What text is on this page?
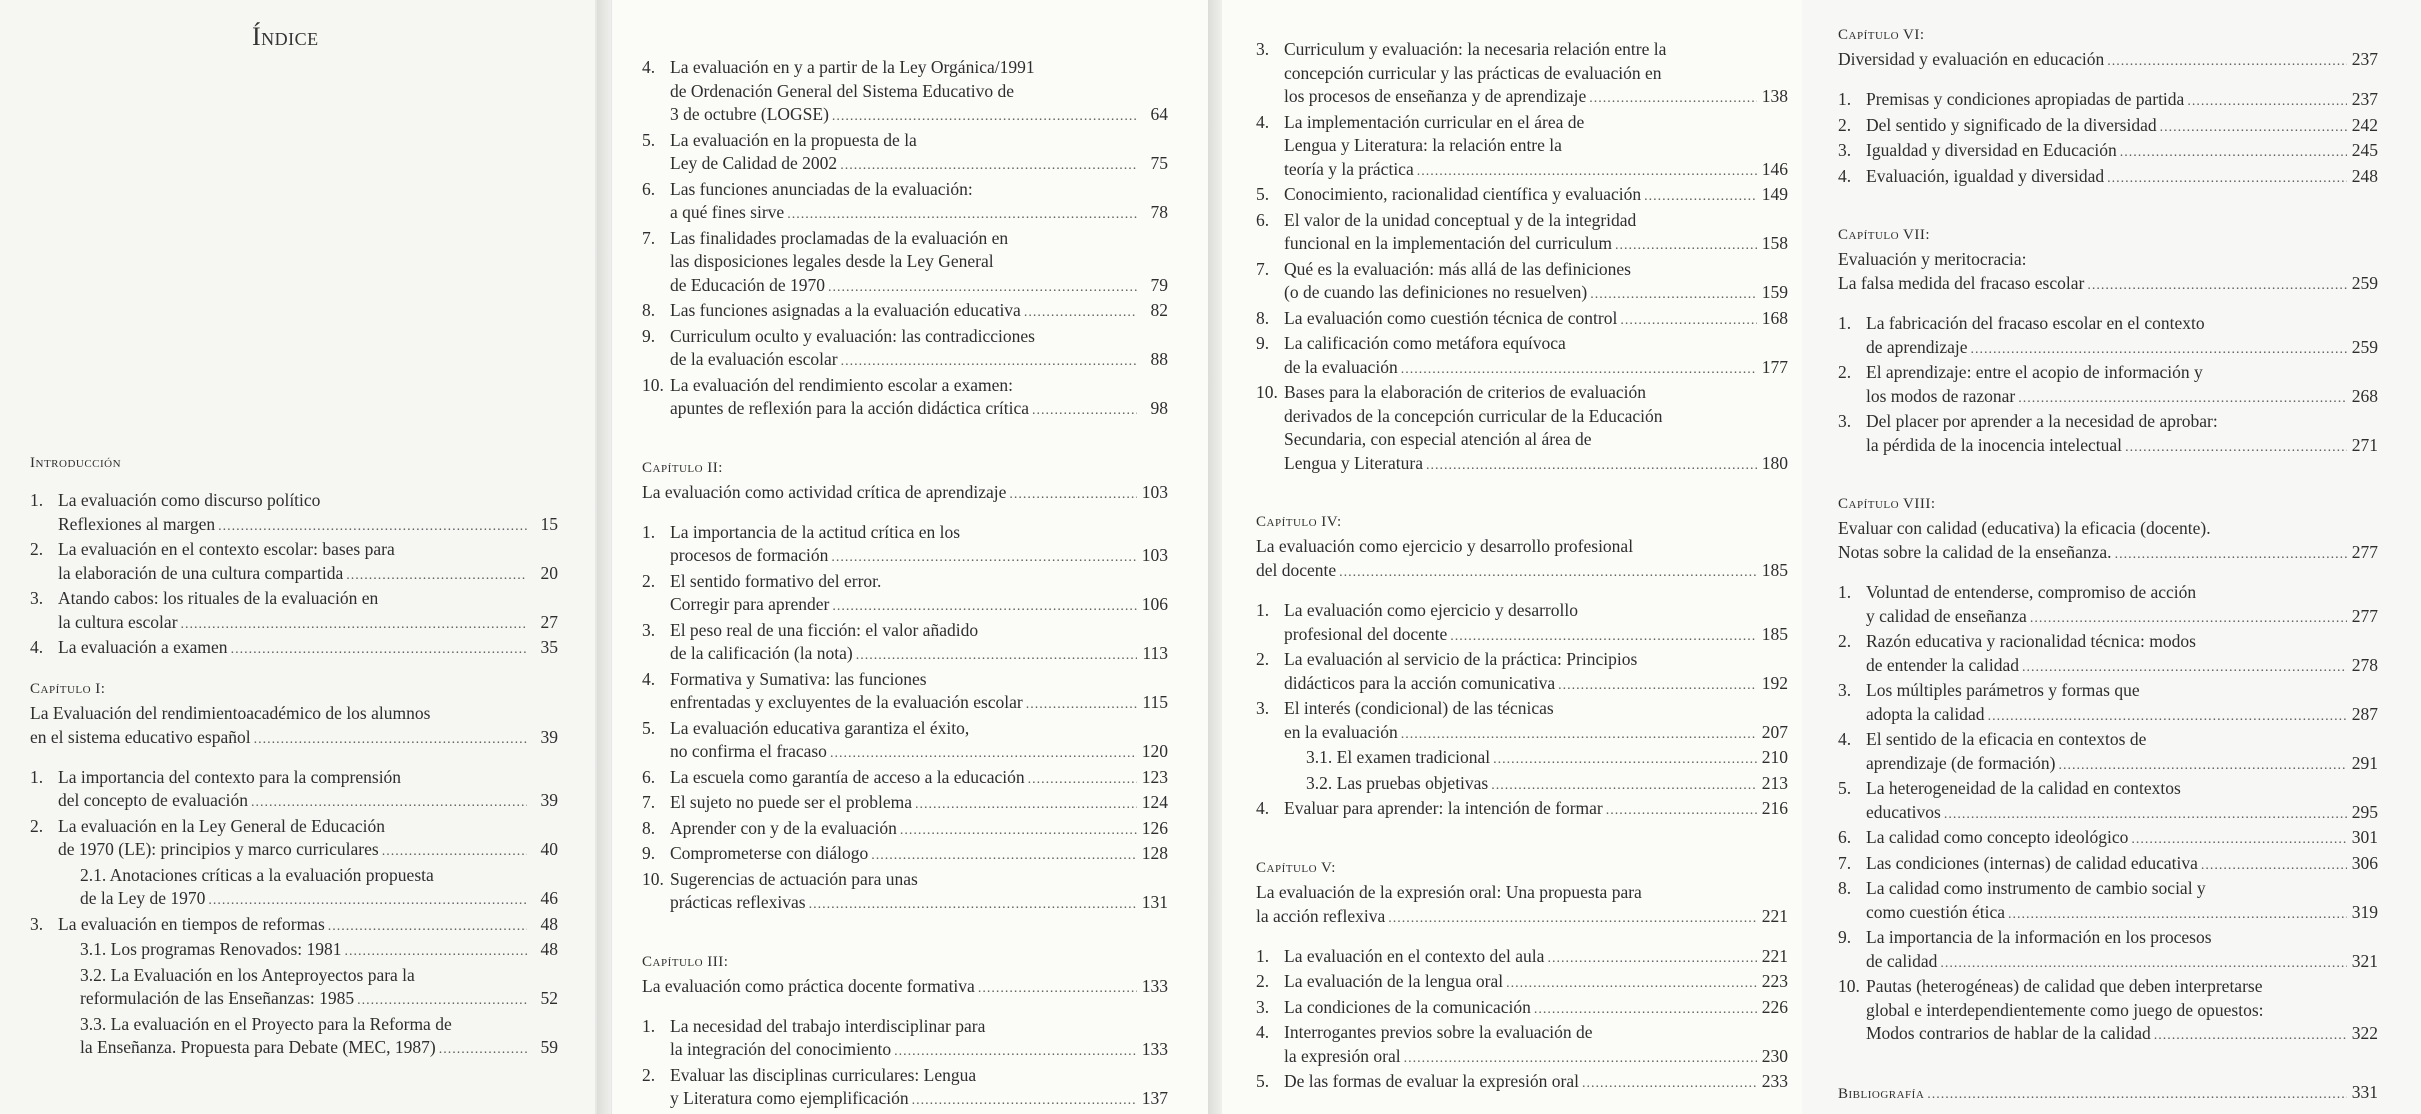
Índice
Introducción
1. La evaluación como discurso político
Reflexiones al margen .....	15
2. La evaluación en el contexto escolar: bases para
la elaboración de una cultura compartida .....	20
3. Atando cabos: los rituales de la evaluación en
la cultura escolar .....	27
4. La evaluación a examen .....	35
Capítulo I:
La Evaluación del rendimientoacadémico de los alumnos
en el sistema educativo español .....	39
1. La importancia del contexto para la comprensión
del concepto de evaluación .....	39
2. La evaluación en la Ley General de Educación
de 1970 (LE): principios y marco curriculares .....	40
2.1. Anotaciones críticas a la evaluación propuesta
de la Ley de 1970 .....	46
3. La evaluación en tiempos de reformas .....	48
3.1. Los programas Renovados: 1981 .....	48
3.2. La Evaluación en los Anteproyectos para la
reformulación de las Enseñanzas: 1985 .....	52
3.3. La evaluación en el Proyecto para la Reforma de
la Enseñanza. Propuesta para Debate (MEC, 1987) .....	59
4. La evaluación en y a partir de la Ley Orgánica/1991
de Ordenación General del Sistema Educativo de
3 de octubre (LOGSE) .....	64
5. La evaluación en la propuesta de la
Ley de Calidad de 2002 .....	75
6. Las funciones anunciadas de la evaluación:
a qué fines sirve .....	78
7. Las finalidades proclamadas de la evaluación en
las disposiciones legales desde la Ley General
de Educación de 1970 .....	79
8. Las funciones asignadas a la evaluación educativa .....	82
9. Curriculum oculto y evaluación: las contradicciones
de la evaluación escolar .....	88
10. La evaluación del rendimiento escolar a examen:
apuntes de reflexión para la acción didáctica crítica .....	98
Capítulo II:
La evaluación como actividad crítica de aprendizaje .....	103
1. La importancia de la actitud crítica en los
procesos de formación .....	103
2. El sentido formativo del error.
Corregir para aprender .....	106
3. El peso real de una ficción: el valor añadido
de la calificación (la nota) .....	113
4. Formativa y Sumativa: las funciones
enfrentadas y excluyentes de la evaluación escolar .....	115
5. La evaluación educativa garantiza el éxito,
no confirma el fracaso .....	120
6. La escuela como garantía de acceso a la educación .....	123
7. El sujeto no puede ser el problema .....	124
8. Aprender con y de la evaluación .....	126
9. Comprometerse con diálogo .....	128
10. Sugerencias de actuación para unas
prácticas reflexivas .....	131
Capítulo III:
La evaluación como práctica docente formativa .....	133
1. La necesidad del trabajo interdisciplinar para
la integración del conocimiento .....	133
2. Evaluar las disciplinas curriculares: Lengua
y Literatura como ejemplificación .....	137
3. Curriculum y evaluación: la necesaria relación entre la
concepción curricular y las prácticas de evaluación en
los procesos de enseñanza y de aprendizaje .....	138
4. La implementación curricular en el área de
Lengua y Literatura: la relación entre la
teoría y la práctica .....	146
5. Conocimiento, racionalidad científica y evaluación .....	149
6. El valor de la unidad conceptual y de la integridad
funcional en la implementación del curriculum .....	158
7. Qué es la evaluación: más allá de las definiciones
(o de cuando las definiciones no resuelven) .....	159
8. La evaluación como cuestión técnica de control .....	168
9. La calificación como metáfora equívoca
de la evaluación .....	177
10. Bases para la elaboración de criterios de evaluación
derivados de la concepción curricular de la Educación
Secundaria, con especial atención al área de
Lengua y Literatura .....	180
Capítulo IV:
La evaluación como ejercicio y desarrollo profesional
del docente .....	185
1. La evaluación como ejercicio y desarrollo
profesional del docente .....	185
2. La evaluación al servicio de la práctica: Principios
didácticos para la acción comunicativa .....	192
3. El interés (condicional) de las técnicas
en la evaluación .....	207
3.1. El examen tradicional .....	210
3.2. Las pruebas objetivas .....	213
4. Evaluar para aprender: la intención de formar .....	216
Capítulo V:
La evaluación de la expresión oral: Una propuesta para
la acción reflexiva .....	221
1. La evaluación en el contexto del aula .....	221
2. La evaluación de la lengua oral .....	223
3. La condiciones de la comunicación .....	226
4. Interrogantes previos sobre la evaluación de
la expresión oral .....	230
5. De las formas de evaluar la expresión oral .....	233
Capítulo VI:
Diversidad y evaluación en educación .....	237
1. Premisas y condiciones apropiadas de partida .....	237
2. Del sentido y significado de la diversidad .....	242
3. Igualdad y diversidad en Educación .....	245
4. Evaluación, igualdad y diversidad .....	248
Capítulo VII:
Evaluación y meritocracia:
La falsa medida del fracaso escolar .....	259
1. La fabricación del fracaso escolar en el contexto
de aprendizaje .....	259
2. El aprendizaje: entre el acopio de información y
los modos de razonar .....	268
3. Del placer por aprender a la necesidad de aprobar:
la pérdida de la inocencia intelectual .....	271
Capítulo VIII:
Evaluar con calidad (educativa) la eficacia (docente).
Notas sobre la calidad de la enseñanza. .....	277
1. Voluntad de entenderse, compromiso de acción
y calidad de enseñanza .....	277
2. Razón educativa y racionalidad técnica: modos
de entender la calidad .....	278
3. Los múltiples parámetros y formas que
adopta la calidad .....	287
4. El sentido de la eficacia en contextos de
aprendizaje (de formación) .....	291
5. La heterogeneidad de la calidad en contextos
educativos .....	295
6. La calidad como concepto ideológico .....	301
7. Las condiciones (internas) de calidad educativa .....	306
8. La calidad como instrumento de cambio social y
como cuestión ética .....	319
9. La importancia de la información en los procesos
de calidad .....	321
10. Pautas (heterogéneas) de calidad que deben interpretarse
global e interdependientemente como juego de opuestos:
Modos contrarios de hablar de la calidad .....	322
Bibliografía .....	331
